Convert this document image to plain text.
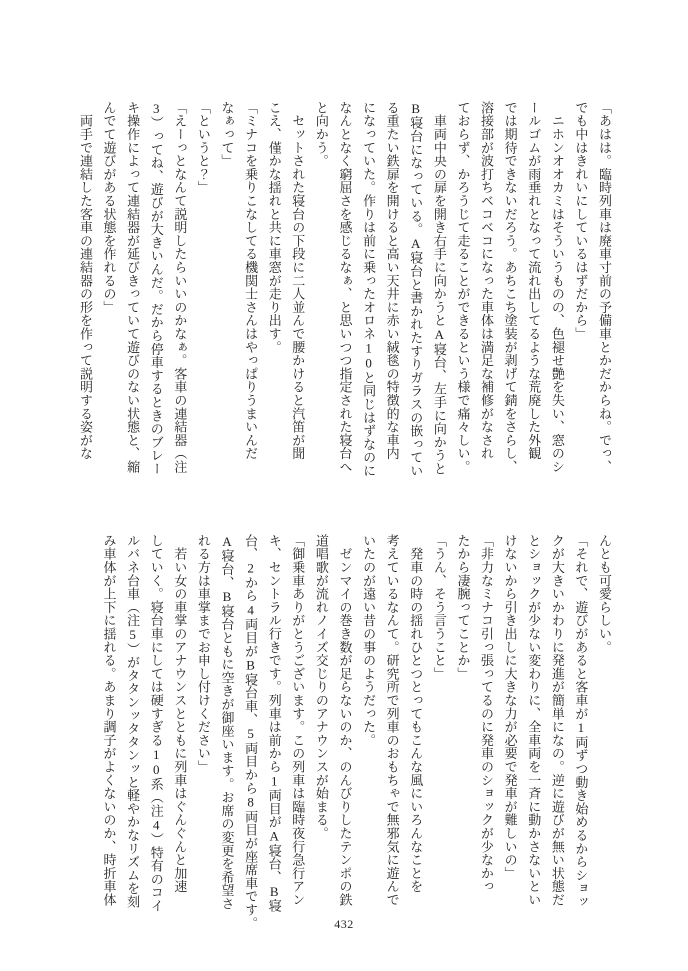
「あはは。臨時列車は廃車寸前の予備車とかだからね。でっ、
でも中はきれいにしているはずだから」
　ニホンオオカミはそういうものの、色褪せ艶を失い、窓のシ
ールゴムが雨垂れとなって流れ出してるような荒廃した外観
では期待できないだろう。あちこち塗装が剥げて錆をさらし、
溶接部が波打ちベコベコになった車体は満足な補修がなされ
ておらず、かろうじて走ることができるという様で痛々しい。
　車両中央の扉を開き右手に向かうとA寝台、左手に向かうと
B寝台になっている。A寝台と書かれたすりガラスの嵌ってい
る重たい鉄扉を開けると高い天井に赤い絨毯の特徴的な車内
になっていた。作りは前に乗ったオロネ10と同じはずなのに
なんとなく窮屈さを感じるなぁ、と思いつつ指定された寝台へ
と向かう。
　セットされた寝台の下段に二人並んで腰かけると汽笛が聞
こえ、僅かな揺れと共に車窓が走り出す。
「ミナコを乗りこなしてる機関士さんはやっぱりうまいんだ
なぁって」
「というと？」
「えーっとなんて説明したらいいのかなぁ。客車の連結器（注
3）ってね、遊びが大きいんだ。だから停車するときのブレー
キ操作によって連結器が延びきっていて遊びのない状態と、縮
んでて遊びがある状態を作れるの」
　両手で連結した客車の連結器の形を作って説明する姿がな
んとも可愛らしい。
「それで、遊びがあると客車が1両ずつ動き始めるからショッ
クが大きいかわりに発進が簡単になの。逆に遊びが無い状態だ
とショックが少ない変わりに、全車両を一斉に動かさないとい
けないから引き出しに大きな力が必要で発車が難しいの」
「非力なミナコ引っ張ってるのに発車のショックが少なかっ
たから凄腕ってことか」
「うん、そう言うこと」
　発車の時の揺れひとつとってもこんな風にいろんなことを
考えているなんて。研究所で列車のおもちゃで無邪気に遊んで
いたのが遠い昔の事のようだった。
　ゼンマイの巻き数が足らないのか、のんびりしたテンポの鉄
道唱歌が流れノイズ交じりのアナウンスが始まる。
「御乗車ありがとうございます。この列車は臨時夜行急行アン
キ、セントラル行きです。列車は前から1両目がA寝台、B寝
台、2から4両目がB寝台車、5両目から8両目が座席車です。
A寝台、B寝台ともに空きが御座います。お席の変更を希望さ
れる方は車掌までお申し付けください」
　若い女の車掌のアナウンスとともに列車はぐんぐんと加速
していく。寝台車にしては硬すぎる10系（注4）特有のコイ
ルバネ台車（注5）がタタンッタタンッと軽やかなリズムを刻
み車体が上下に揺れる。あまり調子がよくないのか、時折車体
432
